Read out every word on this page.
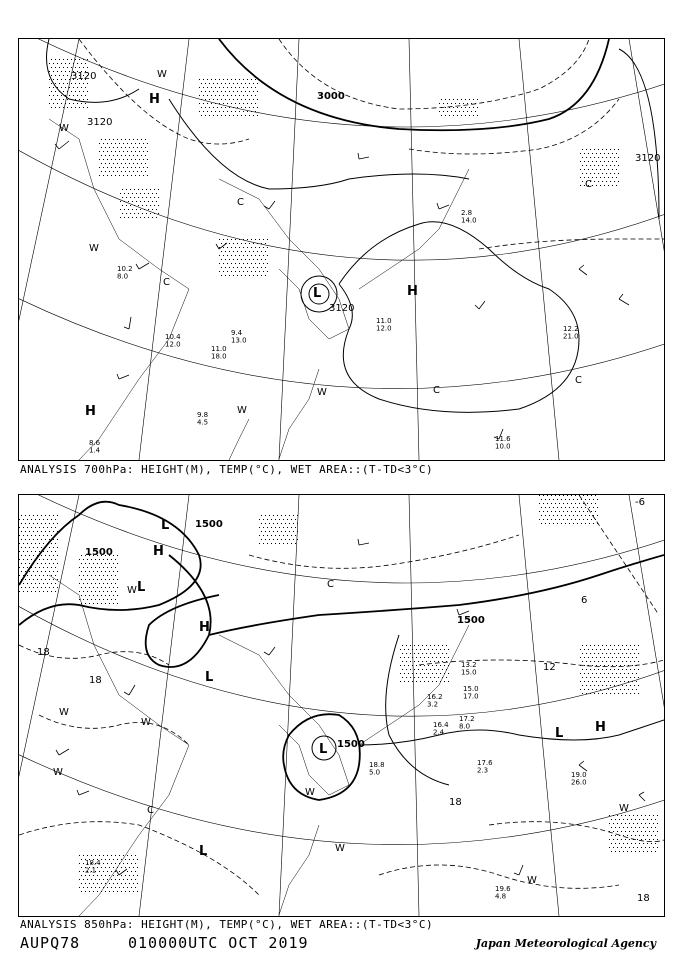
3120
3000
3120
3120
3120
H
H
H
L
W
W
W
W
W
C
C
C
C
C
12.2 21.0
11.0 12.0
9.4 13.0
8.6 1.4
9.8 4.5
10.2 8.0
2.8 14.0
11.6 10.0
11.0 18.0
10.4 12.0
ANALYSIS 700hPa: HEIGHT(M), TEMP(°C), WET AREA::(T-TD<3°C)
1500
1500
1500
1500
18
18
18
12
6
-6
18
L
H
L
H
L
L
L H
L
W
W
W
W
W
W
W
C
C
W
19.0 26.0
17.6 2.3
19.6 4.8
16.2 3.2
15.0 17.0
17.2 8.0
13.2 15.0
18.4 2.1
16.4 2.4
18.8 5.0
ANALYSIS 850hPa: HEIGHT(M), TEMP(°C), WET AREA::(T-TD<3°C)
AUPQ78	010000UTC OCT 2019	Japan Meteorological Agency
